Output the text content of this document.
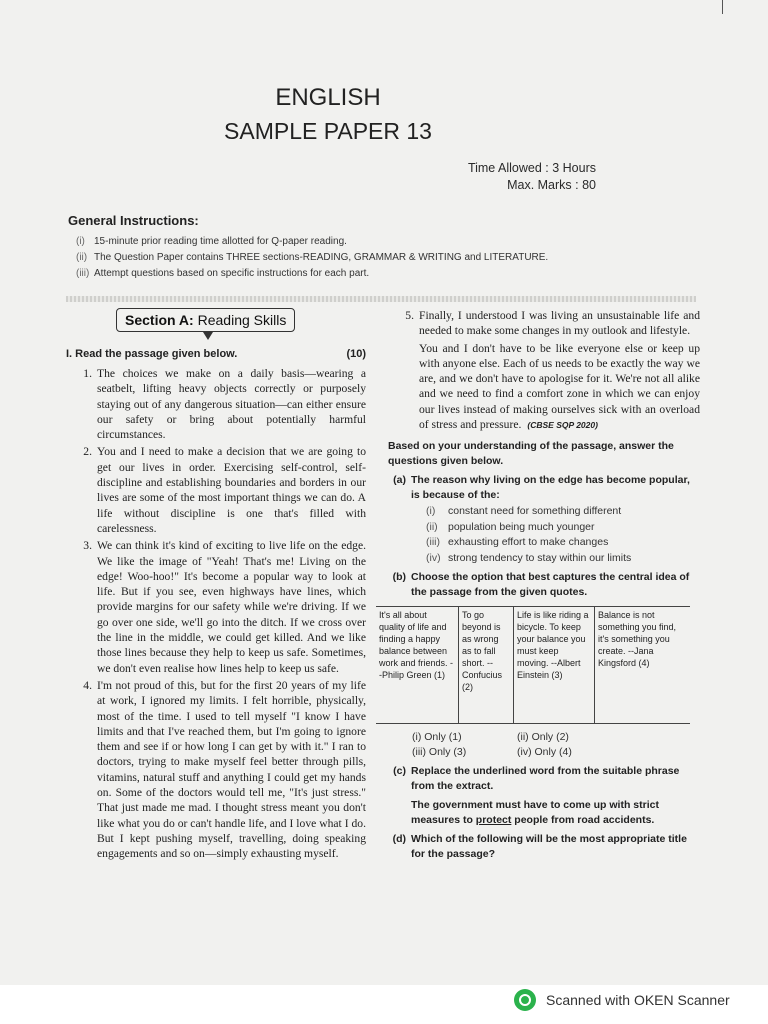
ENGLISH
SAMPLE PAPER 13
Time Allowed : 3 Hours
Max. Marks : 80
General Instructions:
(i) 15-minute prior reading time allotted for Q-paper reading.
(ii) The Question Paper contains THREE sections-READING, GRAMMAR & WRITING and LITERATURE.
(iii) Attempt questions based on specific instructions for each part.
Section A: Reading Skills
I. Read the passage given below.	(10)
1. The choices we make on a daily basis—wearing a seatbelt, lifting heavy objects correctly or purposely staying out of any dangerous situation—can either ensure our safety or bring about potentially harmful circumstances.
2. You and I need to make a decision that we are going to get our lives in order. Exercising self-control, self-discipline and establishing boundaries and borders in our lives are some of the most important things we can do. A life without discipline is one that's filled with carelessness.
3. We can think it's kind of exciting to live life on the edge. We like the image of "Yeah! That's me! Living on the edge! Woo-hoo!" It's become a popular way to look at life. But if you see, even highways have lines, which provide margins for our safety while we're driving. If we go over one side, we'll go into the ditch. If we cross over the line in the middle, we could get killed. And we like those lines because they help to keep us safe. Sometimes, we don't even realise how lines help to keep us safe.
4. I'm not proud of this, but for the first 20 years of my life at work, I ignored my limits. I felt horrible, physically, most of the time. I used to tell myself "I know I have limits and that I've reached them, but I'm going to ignore them and see if or how long I can get by with it." I ran to doctors, trying to make myself feel better through pills, vitamins, natural stuff and anything I could get my hands on. Some of the doctors would tell me, "It's just stress." That just made me mad. I thought stress meant you don't like what you do or can't handle life, and I love what I do. But I kept pushing myself, travelling, doing speaking engagements and so on—simply exhausting myself.
5. Finally, I understood I was living an unsustainable life and needed to make some changes in my outlook and lifestyle.
You and I don't have to be like everyone else or keep up with anyone else. Each of us needs to be exactly the way we are, and we don't have to apologise for it. We're not all alike and we need to find a comfort zone in which we can enjoy our lives instead of making ourselves sick with an overload of stress and pressure. (CBSE SQP 2020)
Based on your understanding of the passage, answer the questions given below.
(a) The reason why living on the edge has become popular, is because of the:
(i) constant need for something different
(ii) population being much younger
(iii) exhausting effort to make changes
(iv) strong tendency to stay within our limits
(b) Choose the option that best captures the central idea of the passage from the given quotes.
It's all about quality of life and finding a happy balance between work and friends. --Philip Green (1)	To go beyond is as wrong as to fall short. --Confucius (2)	Life is like riding a bicycle. To keep your balance you must keep moving. --Albert Einstein (3)	Balance is not something you find, it's something you create. --Jana Kingsford (4)
(i) Only (1)	(ii) Only (2)
(iii) Only (3)	(iv) Only (4)
(c) Replace the underlined word from the suitable phrase from the extract.
The government must have to come up with strict measures to protect people from road accidents.
(d) Which of the following will be the most appropriate title for the passage?
Scanned with OKEN Scanner
